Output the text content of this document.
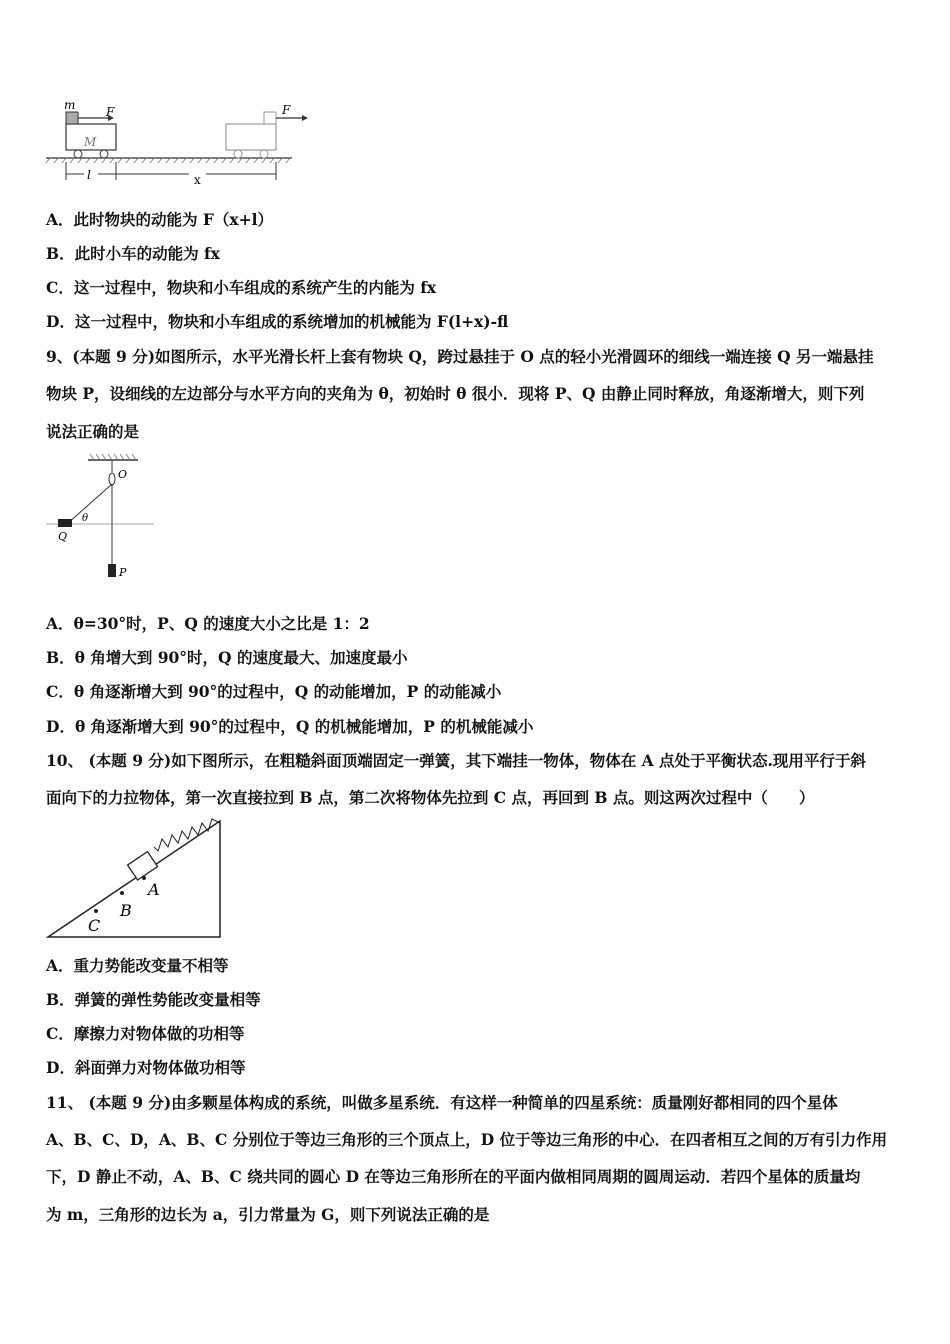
m	F
M
F
l	x
A．此时物块的动能为 F（x+l）
B．此时小车的动能为 fx
C．这一过程中，物块和小车组成的系统产生的内能为 fx
D．这一过程中，物块和小车组成的系统增加的机械能为 F(l+x)-fl
9、(本题 9 分)如图所示，水平光滑长杆上套有物块 Q，跨过悬挂于 O 点的轻小光滑圆环的细线一端连接 Q 另一端悬挂
物块 P，设细线的左边部分与水平方向的夹角为 θ，初始时 θ 很小．现将 P、Q 由静止同时释放，角逐渐增大，则下列
说法正确的是
O
θ
Q
P
A．θ=30°时，P、Q 的速度大小之比是 1：2
B．θ 角增大到 90°时，Q 的速度最大、加速度最小
C．θ 角逐渐增大到 90°的过程中，Q 的动能增加，P 的动能减小
D．θ 角逐渐增大到 90°的过程中，Q 的机械能增加，P 的机械能减小
10、 (本题 9 分)如下图所示，在粗糙斜面顶端固定一弹簧，其下端挂一物体，物体在 A 点处于平衡状态.现用平行于斜
面向下的力拉物体，第一次直接拉到 B 点，第二次将物体先拉到 C 点，再回到 B 点。则这两次过程中（　　）
A
B
C
A．重力势能改变量不相等
B．弹簧的弹性势能改变量相等
C．摩擦力对物体做的功相等
D．斜面弹力对物体做功相等
11、 (本题 9 分)由多颗星体构成的系统，叫做多星系统．有这样一种简单的四星系统：质量刚好都相同的四个星体
A、B、C、D，A、B、C 分别位于等边三角形的三个顶点上，D 位于等边三角形的中心．在四者相互之间的万有引力作用
下，D 静止不动，A、B、C 绕共同的圆心 D 在等边三角形所在的平面内做相同周期的圆周运动．若四个星体的质量均
为 m，三角形的边长为 a，引力常量为 G，则下列说法正确的是
